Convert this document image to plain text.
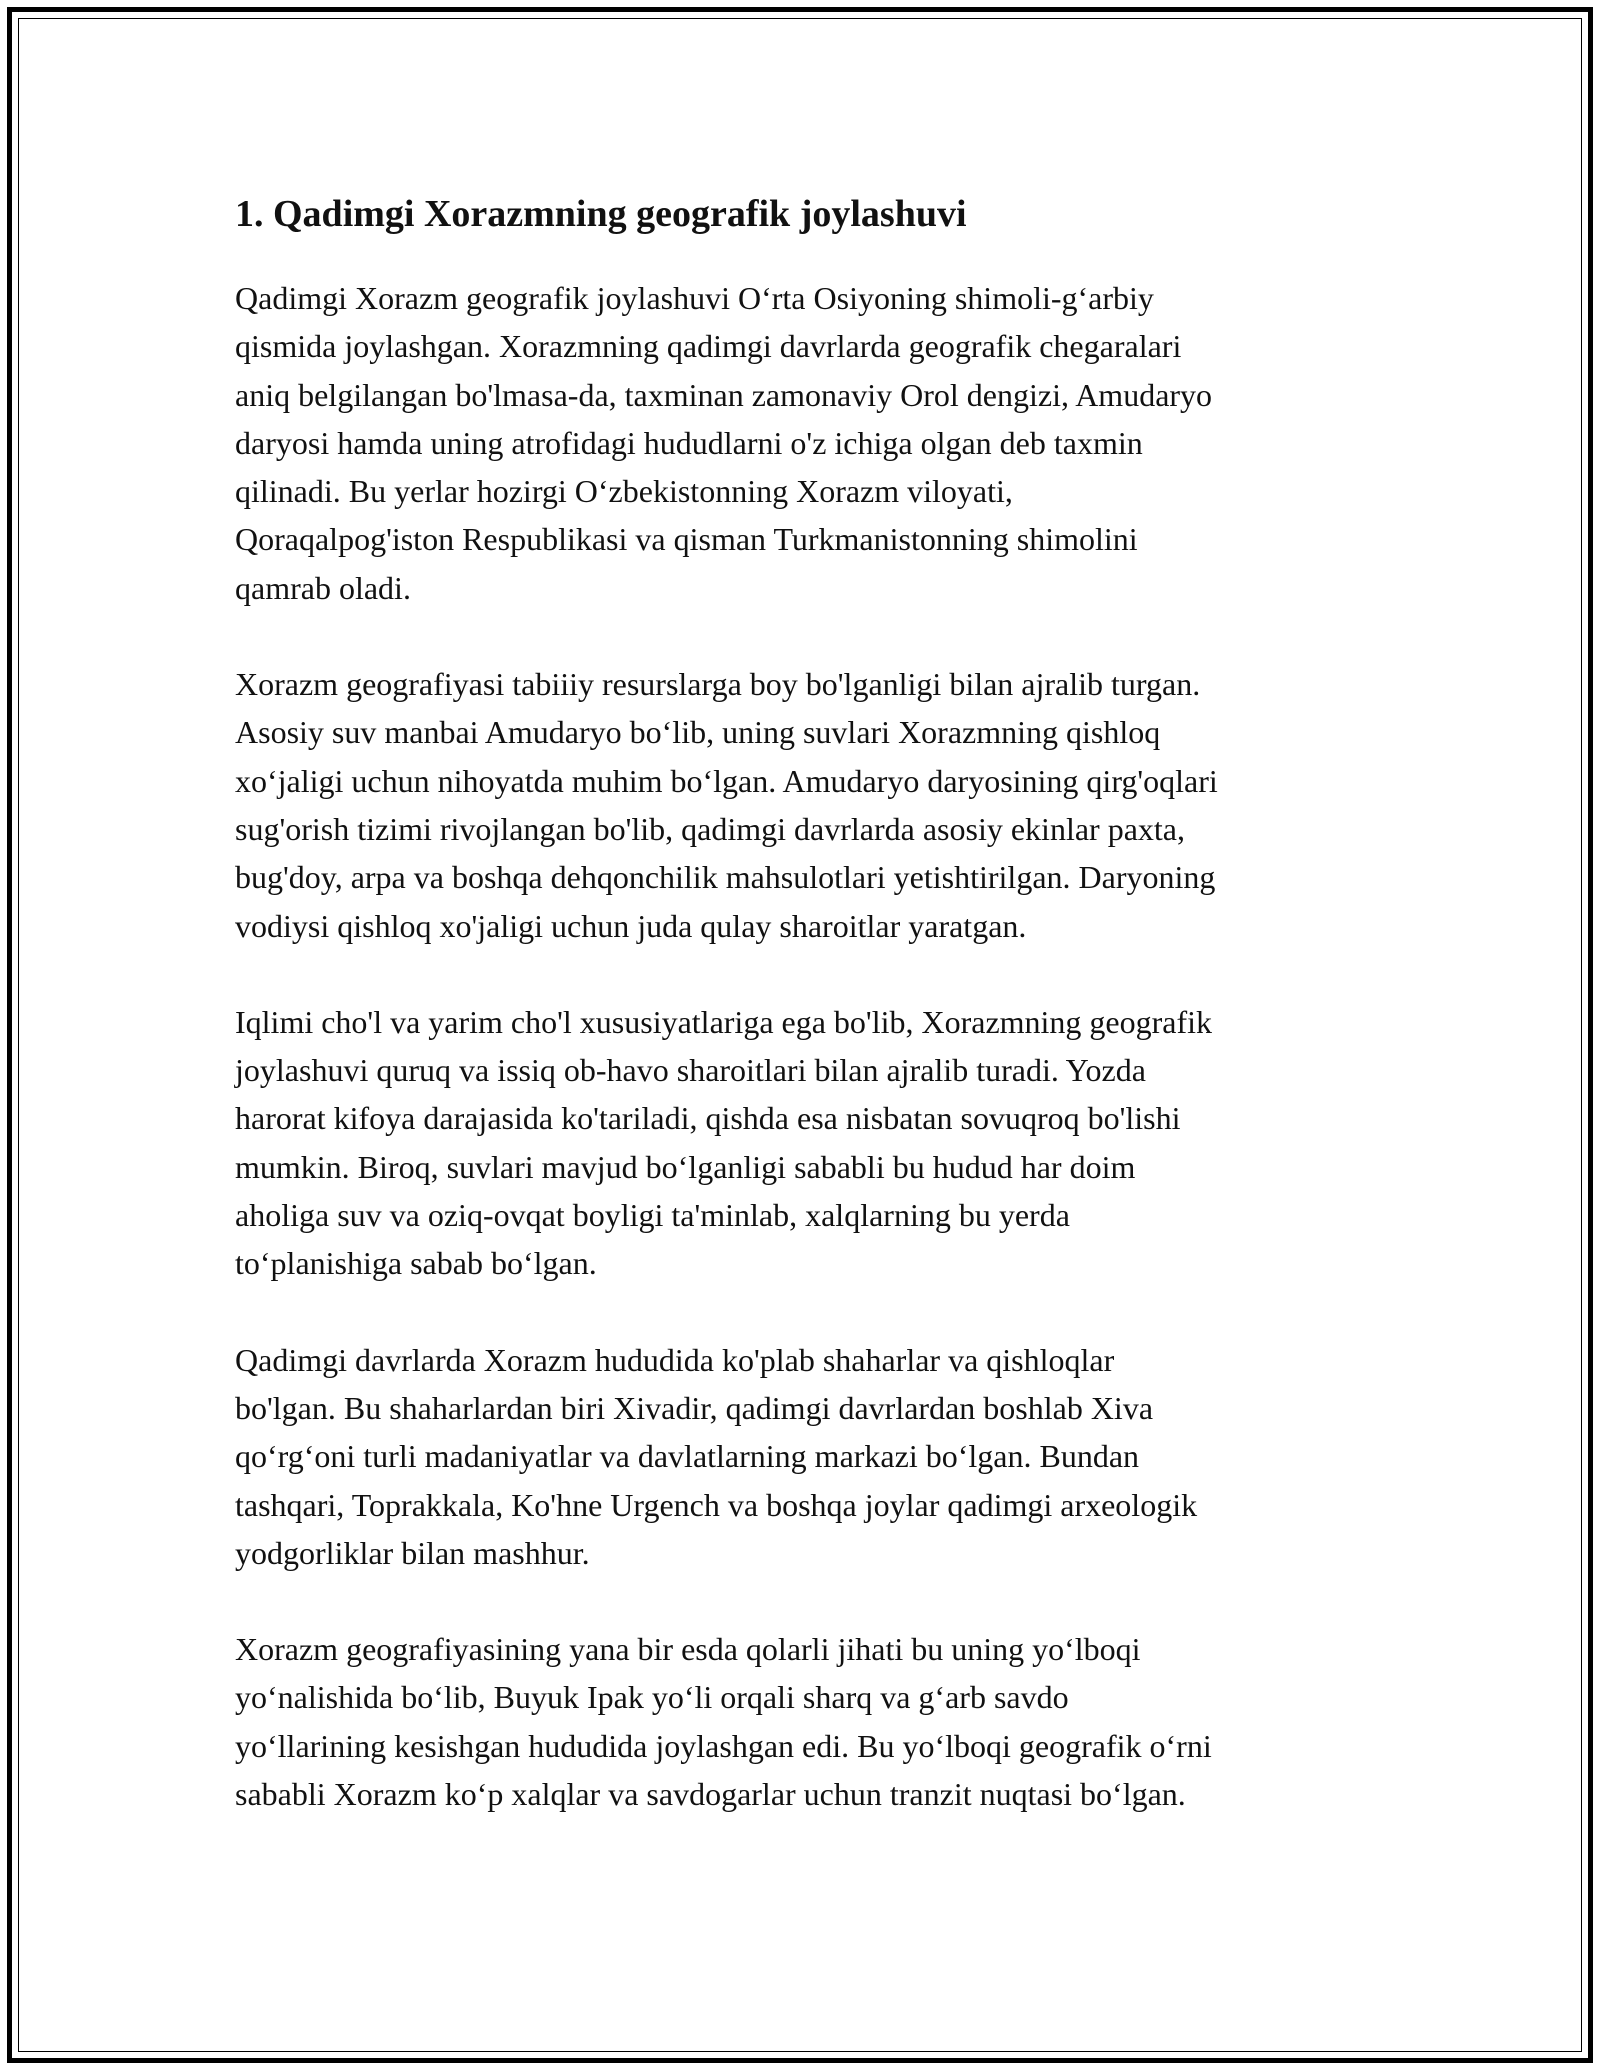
1. Qadimgi Xorazmning geografik joylashuvi

Qadimgi Xorazm geografik joylashuvi O‘rta Osiyoning shimoli-g‘arbiy
qismida joylashgan. Xorazmning qadimgi davrlarda geografik chegaralari
aniq belgilangan bo'lmasa-da, taxminan zamonaviy Orol dengizi, Amudaryo
daryosi hamda uning atrofidagi hududlarni o'z ichiga olgan deb taxmin
qilinadi. Bu yerlar hozirgi O‘zbekistonning Xorazm viloyati,
Qoraqalpog'iston Respublikasi va qisman Turkmanistonning shimolini
qamrab oladi.

Xorazm geografiyasi tabiiiy resurslarga boy bo'lganligi bilan ajralib turgan.
Asosiy suv manbai Amudaryo bo‘lib, uning suvlari Xorazmning qishloq
xo‘jaligi uchun nihoyatda muhim bo‘lgan. Amudaryo daryosining qirg'oqlari
sug'orish tizimi rivojlangan bo'lib, qadimgi davrlarda asosiy ekinlar paxta,
bug'doy, arpa va boshqa dehqonchilik mahsulotlari yetishtirilgan. Daryoning
vodiysi qishloq xo'jaligi uchun juda qulay sharoitlar yaratgan.

Iqlimi cho'l va yarim cho'l xususiyatlariga ega bo'lib, Xorazmning geografik
joylashuvi quruq va issiq ob-havo sharoitlari bilan ajralib turadi. Yozda
harorat kifoya darajasida ko'tariladi, qishda esa nisbatan sovuqroq bo'lishi
mumkin. Biroq, suvlari mavjud bo‘lganligi sababli bu hudud har doim
aholiga suv va oziq-ovqat boyligi ta'minlab, xalqlarning bu yerda
to‘planishiga sabab bo‘lgan.

Qadimgi davrlarda Xorazm hududida ko'plab shaharlar va qishloqlar
bo'lgan. Bu shaharlardan biri Xivadir, qadimgi davrlardan boshlab Xiva
qo‘rg‘oni turli madaniyatlar va davlatlarning markazi bo‘lgan. Bundan
tashqari, Toprakkala, Ko'hne Urgench va boshqa joylar qadimgi arxeologik
yodgorliklar bilan mashhur.

Xorazm geografiyasining yana bir esda qolarli jihati bu uning yo‘lboqi
yo‘nalishida bo‘lib, Buyuk Ipak yo‘li orqali sharq va g‘arb savdo
yo‘llarining kesishgan hududida joylashgan edi. Bu yo‘lboqi geografik o‘rni
sababli Xorazm ko‘p xalqlar va savdogarlar uchun tranzit nuqtasi bo‘lgan.
